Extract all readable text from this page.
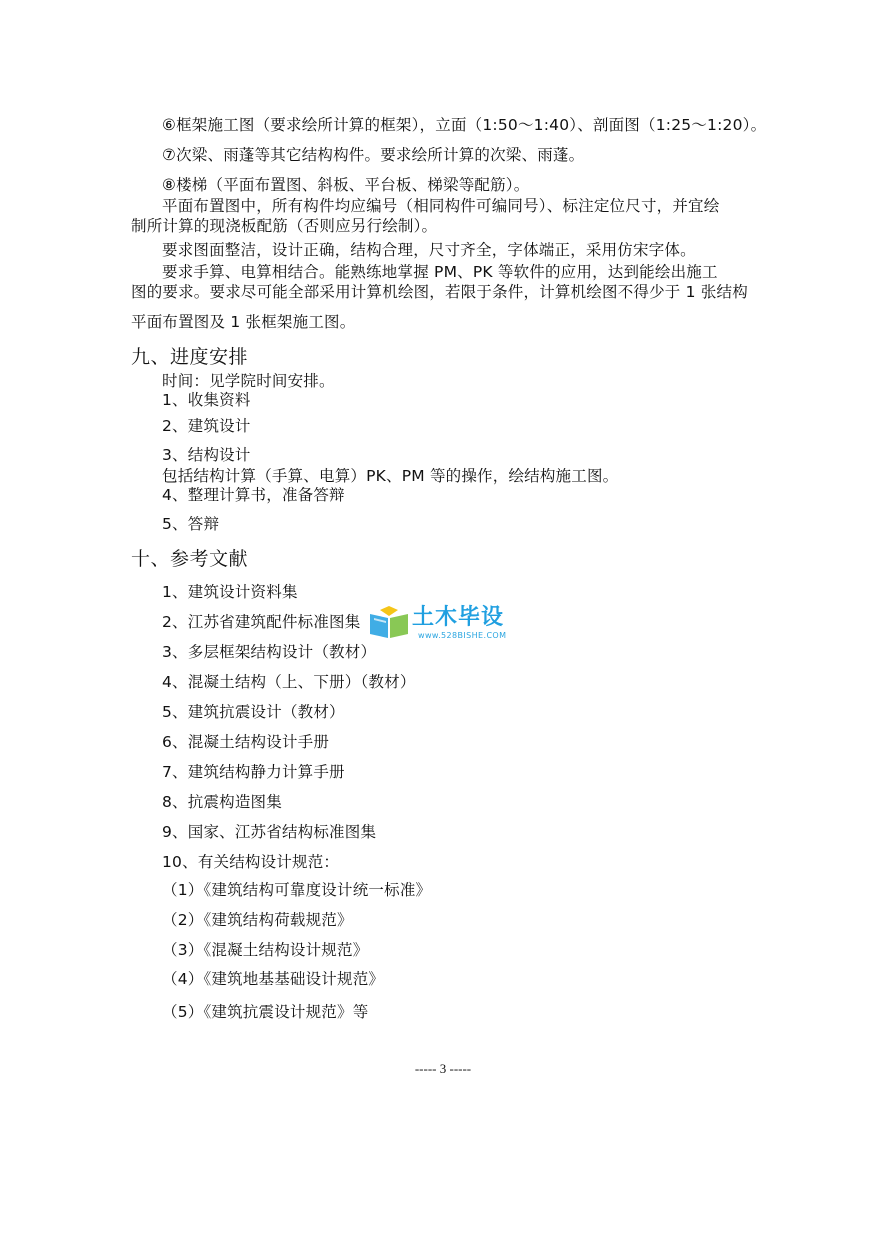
⑥框架施工图（要求绘所计算的框架），立面（1:50～1:40）、剖面图（1:25～1:20）。
⑦次梁、雨蓬等其它结构构件。要求绘所计算的次梁、雨蓬。
⑧楼梯（平面布置图、斜板、平台板、梯梁等配筋）。
平面布置图中，所有构件均应编号（相同构件可编同号）、标注定位尺寸，并宜绘
制所计算的现浇板配筋（否则应另行绘制）。
要求图面整洁，设计正确，结构合理，尺寸齐全，字体端正，采用仿宋字体。
要求手算、电算相结合。能熟练地掌握 PM、PK 等软件的应用，达到能绘出施工
图的要求。要求尽可能全部采用计算机绘图，若限于条件，计算机绘图不得少于 1 张结构
平面布置图及 1 张框架施工图。
九、进度安排
时间：见学院时间安排。
1、收集资料
2、建筑设计
3、结构设计
包括结构计算（手算、电算）PK、PM 等的操作，绘结构施工图。
4、整理计算书，准备答辩
5、答辩
十、参考文献
1、建筑设计资料集
2、江苏省建筑配件标准图集
3、多层框架结构设计（教材）
4、混凝土结构（上、下册）（教材）
5、建筑抗震设计（教材）
6、混凝土结构设计手册
7、建筑结构静力计算手册
8、抗震构造图集
9、国家、江苏省结构标准图集
10、有关结构设计规范：
（1）《建筑结构可靠度设计统一标准》
（2）《建筑结构荷载规范》
（3）《混凝土结构设计规范》
（4）《建筑地基基础设计规范》
（5）《建筑抗震设计规范》等
土木毕设
www.528BISHE.COM
----- 3 -----
